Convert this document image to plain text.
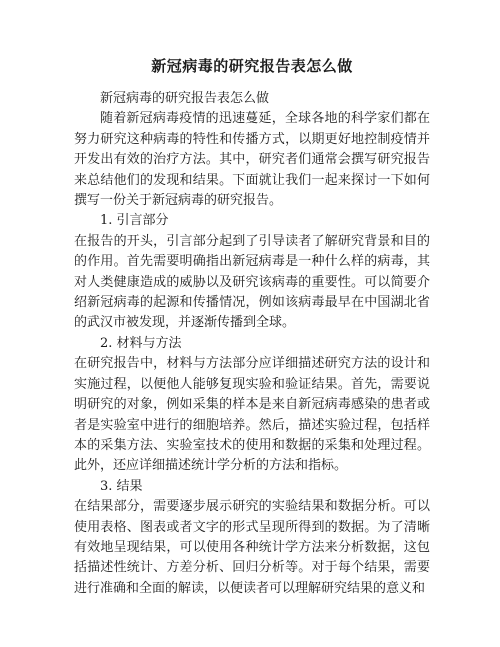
新冠病毒的研究报告表怎么做

新冠病毒的研究报告表怎么做

随着新冠病毒疫情的迅速蔓延，全球各地的科学家们都在努力研究这种病毒的特性和传播方式，以期更好地控制疫情并开发出有效的治疗方法。其中，研究者们通常会撰写研究报告来总结他们的发现和结果。下面就让我们一起来探讨一下如何撰写一份关于新冠病毒的研究报告。

1. 引言部分

在报告的开头，引言部分起到了引导读者了解研究背景和目的的作用。首先需要明确指出新冠病毒是一种什么样的病毒，其对人类健康造成的威胁以及研究该病毒的重要性。可以简要介绍新冠病毒的起源和传播情况，例如该病毒最早在中国湖北省的武汉市被发现，并逐渐传播到全球。

2. 材料与方法

在研究报告中，材料与方法部分应详细描述研究方法的设计和实施过程，以便他人能够复现实验和验证结果。首先，需要说明研究的对象，例如采集的样本是来自新冠病毒感染的患者或者是实验室中进行的细胞培养。然后，描述实验过程，包括样本的采集方法、实验室技术的使用和数据的采集和处理过程。此外，还应详细描述统计学分析的方法和指标。

3. 结果

在结果部分，需要逐步展示研究的实验结果和数据分析。可以使用表格、图表或者文字的形式呈现所得到的数据。为了清晰有效地呈现结果，可以使用各种统计学方法来分析数据，这包括描述性统计、方差分析、回归分析等。对于每个结果，需要进行准确和全面的解读，以便读者可以理解研究结果的意义和
